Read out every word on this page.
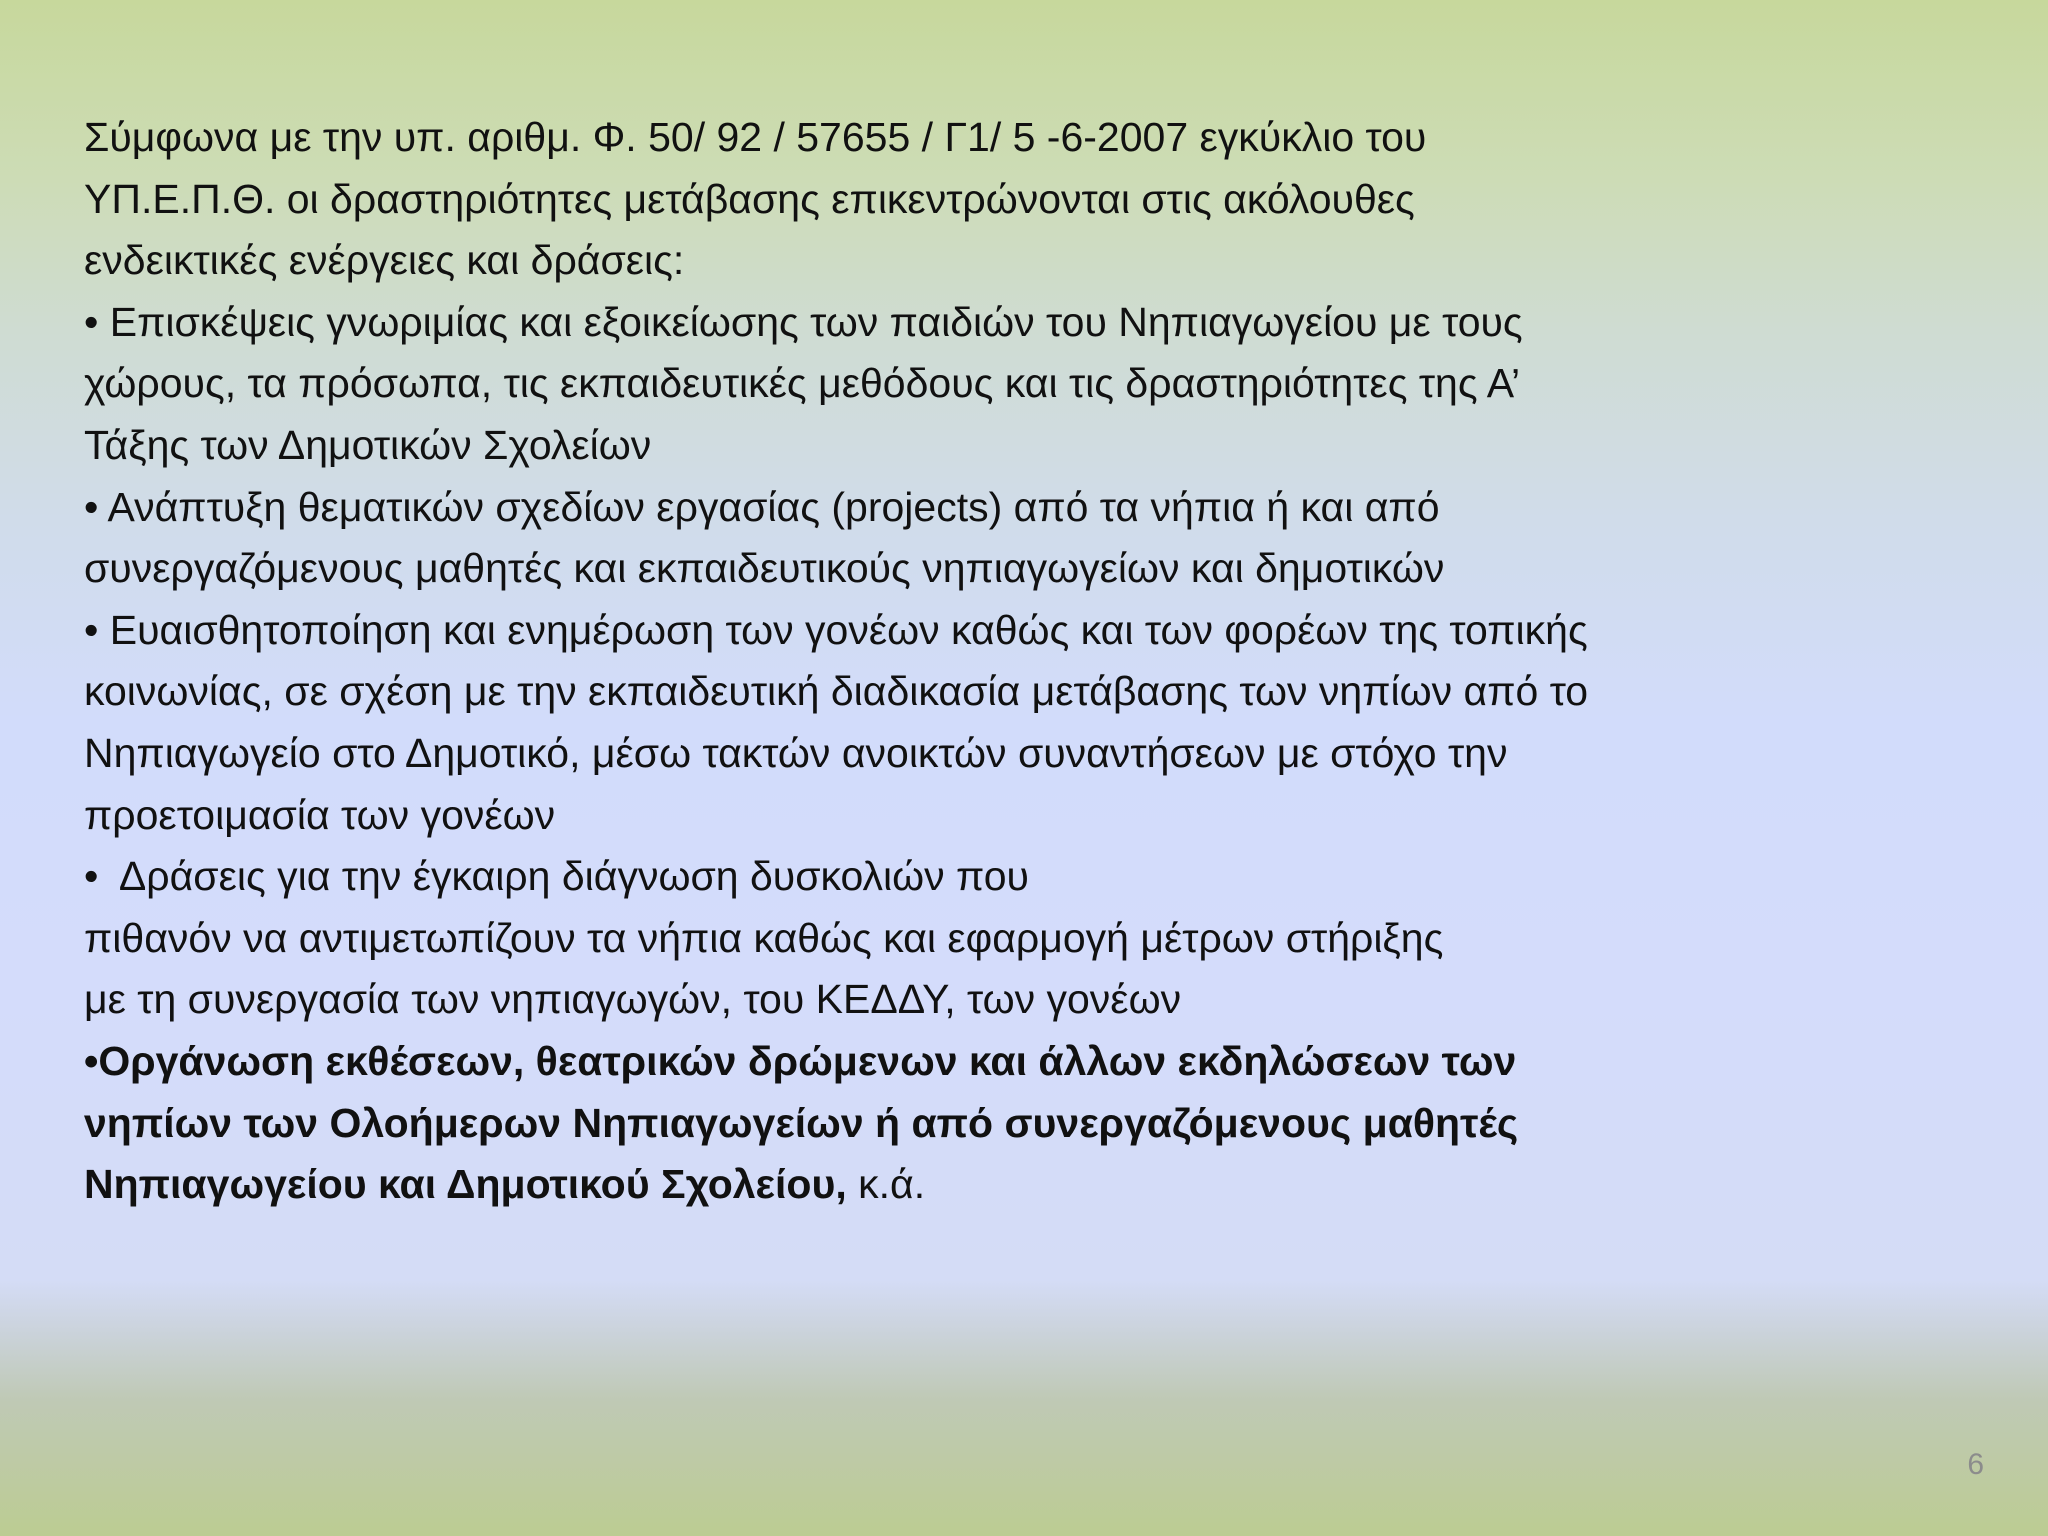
Σύμφωνα με την υπ. αριθμ. Φ. 50/ 92 / 57655 / Γ1/ 5 -6-2007 εγκύκλιο του
ΥΠ.Ε.Π.Θ. οι δραστηριότητες μετάβασης επικεντρώνονται στις ακόλουθες
ενδεικτικές ενέργειες και δράσεις:
• Επισκέψεις γνωριμίας και εξοικείωσης των παιδιών του Νηπιαγωγείου με τους
χώρους, τα πρόσωπα, τις εκπαιδευτικές μεθόδους και τις δραστηριότητες της Α’
Τάξης των Δημοτικών Σχολείων
• Ανάπτυξη θεματικών σχεδίων εργασίας (projects) από τα νήπια ή και από
συνεργαζόμενους μαθητές και εκπαιδευτικούς νηπιαγωγείων και δημοτικών
• Ευαισθητοποίηση και ενημέρωση των γονέων καθώς και των φορέων της τοπικής
κοινωνίας, σε σχέση με την εκπαιδευτική διαδικασία μετάβασης των νηπίων από το
Νηπιαγωγείο στο Δημοτικό, μέσω τακτών ανοικτών συναντήσεων με στόχο την
προετοιμασία των γονέων
•  Δράσεις για την έγκαιρη διάγνωση δυσκολιών που
πιθανόν να αντιμετωπίζουν τα νήπια καθώς και εφαρμογή μέτρων στήριξης
με τη συνεργασία των νηπιαγωγών, του ΚΕΔΔΥ, των γονέων
•Οργάνωση εκθέσεων, θεατρικών δρώμενων και άλλων εκδηλώσεων των
νηπίων των Ολοήμερων Νηπιαγωγείων ή από συνεργαζόμενους μαθητές
Νηπιαγωγείου και Δημοτικού Σχολείου, κ.ά.
6
